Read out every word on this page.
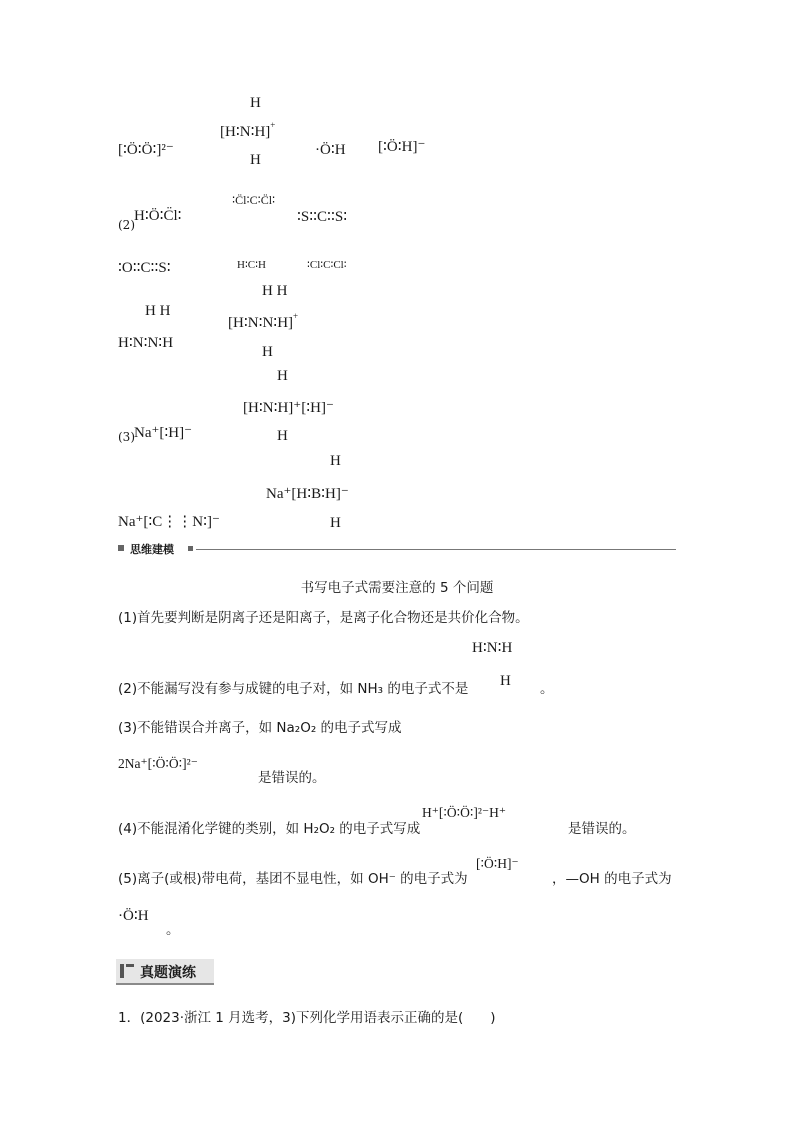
[∶Ö∶Ö∶]²⁻
H
[H∶N∶H]+
H
·Ö∶H [∶Ö∶H]⁻
(2)
H∶Ö∶C̈l∶
∶C̈l∶C∶C̈l∶
∶S∶∶C∶∶S∶
∶O∶∶C∶∶S∶	H∶C∶H	∶Cl∶C∶Cl∶
H H
H∶N∶N∶H
H H
[H∶N∶N∶H]+
H
H
[H∶N∶H]⁺[∶H]⁻
H
(3) Na⁺[∶H]⁻
H
Na⁺[H∶B∶H]⁻
H
Na⁺[∶C⋮⋮N∶]⁻
思维建模
书写电子式需要注意的 5 个问题
(1)首先要判断是阴离子还是阳离子，是离子化合物还是共价化合物。
H∶N∶H
(2)不能漏写没有参与成键的电子对，如 NH₃ 的电子式不是 H 。
(3)不能错误合并离子，如 Na₂O₂ 的电子式写成
2Na⁺[∶Ö∶Ö∶]²⁻
是错误的。
(4)不能混淆化学键的类别，如 H₂O₂ 的电子式写成
H⁺[∶Ö∶Ö∶]²⁻H⁺
是错误的。
(5)离子(或根)带电荷，基团不显电性，如 OH⁻ 的电子式为
[∶Ö∶H]⁻
，—OH 的电子式为
·Ö∶H
。
真题演练
1．(2023·浙江 1 月选考，3)下列化学用语表示正确的是(　　)
